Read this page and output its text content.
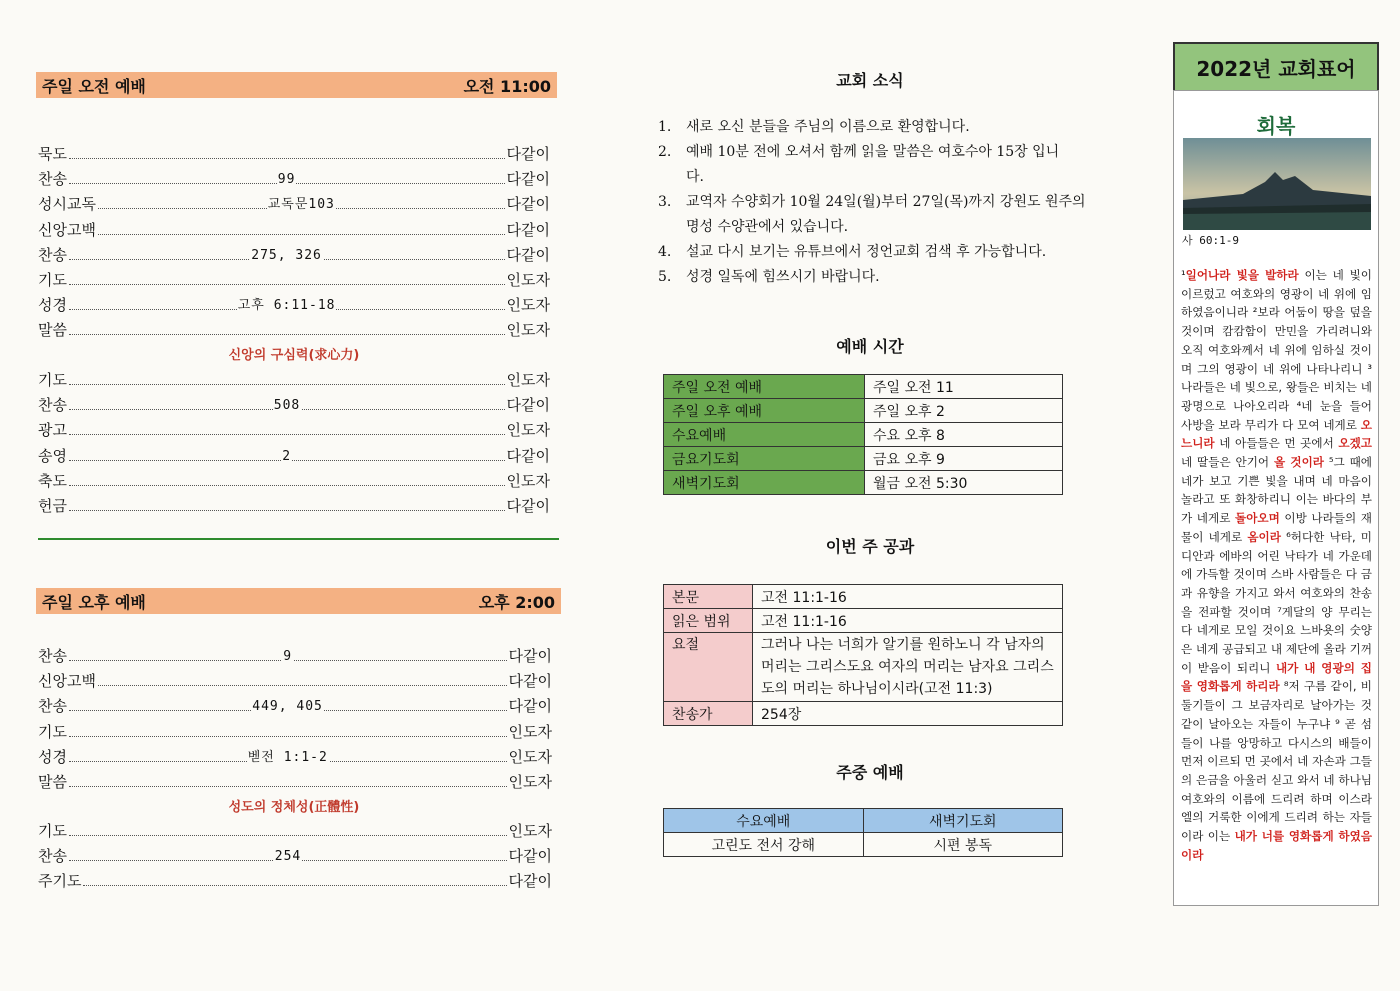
주일 오전 예배	오전 11:00
묵도	다같이
찬송	99	다같이
성시교독	교독문103	다같이
신앙고백	다같이
찬송	275, 326	다같이
기도	인도자
성경	고후 6:11-18	인도자
말씀	인도자
신앙의 구심력(求心力)
기도	인도자
찬송	508	다같이
광고	인도자
송영	2	다같이
축도	인도자
헌금	다같이
주일 오후 예배	오후 2:00
찬송	9	다같이
신앙고백	다같이
찬송	449, 405	다같이
기도	인도자
성경	벧전 1:1-2	인도자
말씀	인도자
성도의 정체성(正體性)
기도	인도자
찬송	254	다같이
주기도	다같이
교회 소식
1.	새로 오신 분들을 주님의 이름으로 환영합니다.
2.	예배 10분 전에 오셔서 함께 읽을 말씀은 여호수아 15장 입니다.
3.	교역자 수양회가 10월 24일(월)부터 27일(목)까지 강원도 원주의 명성 수양관에서 있습니다.
4.	설교 다시 보기는 유튜브에서 정언교회 검색 후 가능합니다.
5.	성경 일독에 힘쓰시기 바랍니다.
예배 시간
주일 오전 예배	주일 오전 11
주일 오후 예배	주일 오후 2
수요예배	수요 오후 8
금요기도회	금요 오후 9
새벽기도회	월금 오전 5:30
이번 주 공과
본문	고전 11:1-16
읽은 범위	고전 11:1-16
요절	그러나 나는 너희가 알기를 원하노니 각 남자의 머리는 그리스도요 여자의 머리는 남자요 그리스도의 머리는 하나님이시라(고전 11:3)
찬송가	254장
주중 예배
수요예배	새벽기도회
고린도 전서 강해	시편 봉독
2022년 교회표어
회복
사 60:1-9
¹일어나라 빛을 발하라 이는 네 빛이 이르렀고 여호와의 영광이 네 위에 임하였음이니라 ²보라 어둠이 땅을 덮을 것이며 캄캄함이 만민을 가리려니와 오직 여호와께서 네 위에 임하실 것이며 그의 영광이 네 위에 나타나리니 ³나라들은 네 빛으로, 왕들은 비치는 네 광명으로 나아오리라 ⁴네 눈을 들어 사방을 보라 무리가 다 모여 네게로 오느니라 네 아들들은 먼 곳에서 오겠고 네 딸들은 안기어 올 것이라 ⁵그 때에 네가 보고 기쁜 빛을 내며 네 마음이 놀라고 또 화창하리니 이는 바다의 부가 네게로 돌아오며 이방 나라들의 재물이 네게로 옴이라 ⁶허다한 낙타, 미디안과 에바의 어린 낙타가 네 가운데에 가득할 것이며 스바 사람들은 다 금과 유향을 가지고 와서 여호와의 찬송을 전파할 것이며 ⁷게달의 양 무리는 다 네게로 모일 것이요 느바욧의 숫양은 네게 공급되고 내 제단에 올라 기꺼이 받음이 되리니 내가 내 영광의 집을 영화롭게 하리라 ⁸저 구름 같이, 비둘기들이 그 보금자리로 날아가는 것 같이 날아오는 자들이 누구냐 ⁹ 곧 섬들이 나를 앙망하고 다시스의 배들이 먼저 이르되 먼 곳에서 네 자손과 그들의 은금을 아울러 싣고 와서 네 하나님 여호와의 이름에 드리려 하며 이스라엘의 거룩한 이에게 드리려 하는 자들이라 이는 내가 너를 영화롭게 하였음이라
